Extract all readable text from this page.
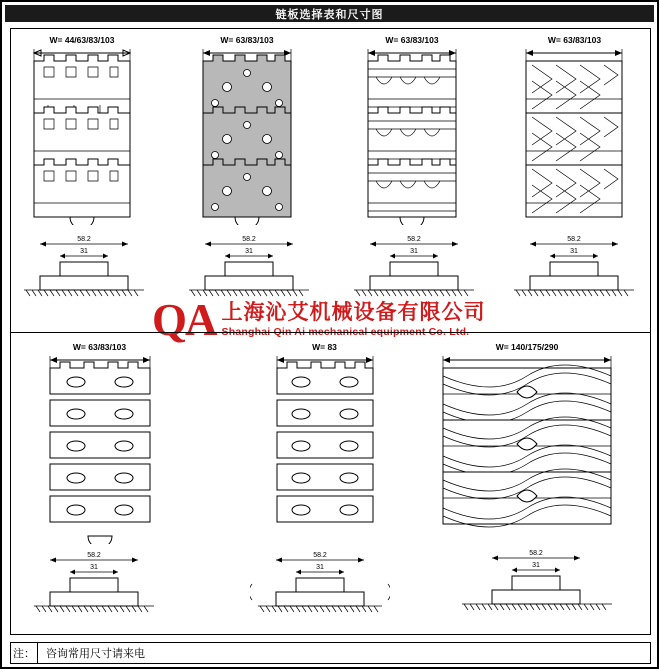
链板选择表和尺寸图
W= 44/63/83/103
58.2
31
W= 63/83/103
58.2
31
W= 63/83/103
58.2
31
W= 63/83/103
58.2
31
QA 上海沁艾机械设备有限公司
Shanghai Qin Ai mechanical equipment Co. Ltd.
W= 63/83/103
58.2
31
W= 83
58.2
31
W= 140/175/290
58.2
31
注：	咨询常用尺寸请来电
